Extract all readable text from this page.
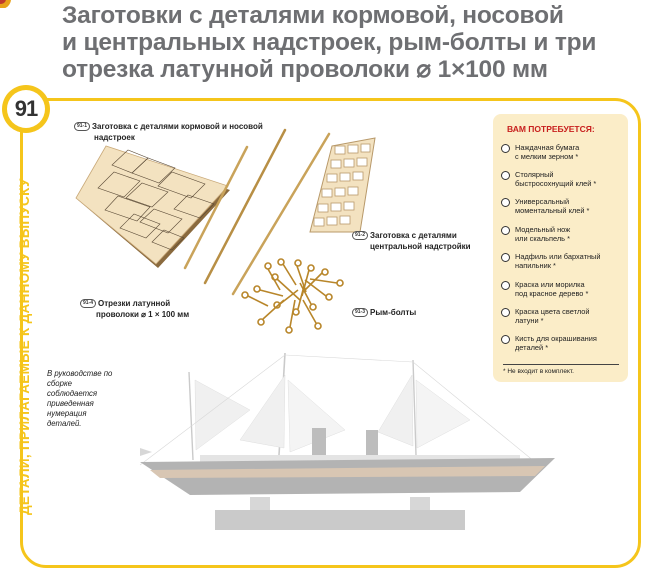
Заготовки с деталями кормовой, носовой
и центральных надстроек, рым-болты и три
отрезка латунной проволоки ⌀ 1×100 мм
91
ДЕТАЛИ, ПРИЛАГАЕМЫЕ К ДАННОМУ ВЫПУСКУ
91-1 Заготовка с деталями кормовой и носовой
надстроек
91-2 Заготовка с деталями
центральной надстройки
91-3 Рым-болты
91-4 Отрезки латунной
проволоки ⌀ 1 × 100 мм
В руководстве по сборке соблюдается приведенная нумерация деталей.
ВАМ ПОТРЕБУЕТСЯ:
Наждачная бумага
с мелким зерном *
Столярный
быстросохнущий клей *
Универсальный
моментальный клей *
Модельный нож
или скальпель *
Надфиль или бархатный
напильник *
Краска или морилка
под красное дерево *
Краска цвета светлой
латуни *
Кисть для окрашивания
деталей *
* Не входит в комплект.
